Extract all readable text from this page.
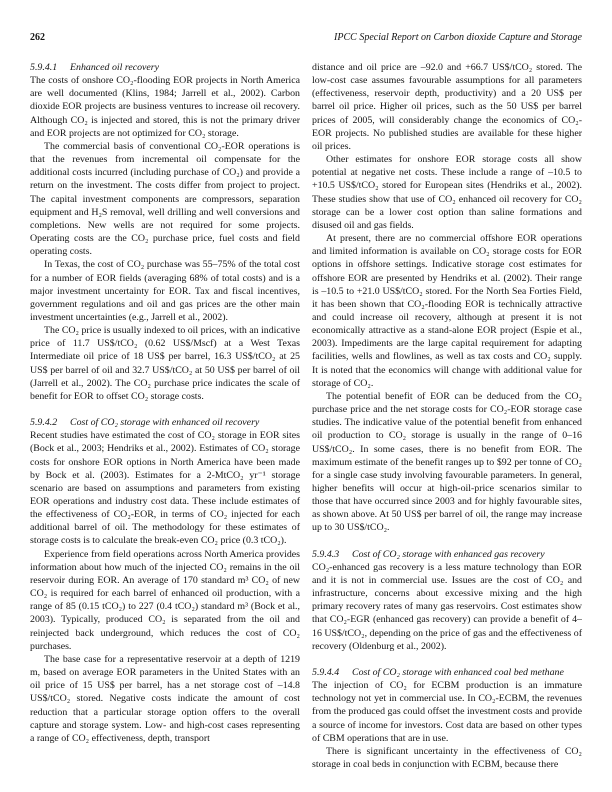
262	IPCC Special Report on Carbon dioxide Capture and Storage
5.9.4.1	Enhanced oil recovery

The costs of onshore CO₂-flooding EOR projects in North America are well documented (Klins, 1984; Jarrell et al., 2002). Carbon dioxide EOR projects are business ventures to increase oil recovery. Although CO₂ is injected and stored, this is not the primary driver and EOR projects are not optimized for CO₂ storage.

The commercial basis of conventional CO₂-EOR operations is that the revenues from incremental oil compensate for the additional costs incurred (including purchase of CO₂) and provide a return on the investment. The costs differ from project to project. The capital investment components are compressors, separation equipment and H₂S removal, well drilling and well conversions and completions. New wells are not required for some projects. Operating costs are the CO₂ purchase price, fuel costs and field operating costs.

In Texas, the cost of CO₂ purchase was 55–75% of the total cost for a number of EOR fields (averaging 68% of total costs) and is a major investment uncertainty for EOR. Tax and fiscal incentives, government regulations and oil and gas prices are the other main investment uncertainties (e.g., Jarrell et al., 2002).

The CO₂ price is usually indexed to oil prices, with an indicative price of 11.7 US$/tCO₂ (0.62 US$/Mscf) at a West Texas Intermediate oil price of 18 US$ per barrel, 16.3 US$/tCO₂ at 25 US$ per barrel of oil and 32.7 US$/tCO₂ at 50 US$ per barrel of oil (Jarrell et al., 2002). The CO₂ purchase price indicates the scale of benefit for EOR to offset CO₂ storage costs.

5.9.4.2	Cost of CO₂ storage with enhanced oil recovery

Recent studies have estimated the cost of CO₂ storage in EOR sites (Bock et al., 2003; Hendriks et al., 2002). Estimates of CO₂ storage costs for onshore EOR options in North America have been made by Bock et al. (2003). Estimates for a 2-MtCO₂ yr⁻¹ storage scenario are based on assumptions and parameters from existing EOR operations and industry cost data. These include estimates of the effectiveness of CO₂-EOR, in terms of CO₂ injected for each additional barrel of oil. The methodology for these estimates of storage costs is to calculate the break-even CO₂ price (0.3 tCO₂).

Experience from field operations across North America provides information about how much of the injected CO₂ remains in the oil reservoir during EOR. An average of 170 standard m³ CO₂ of new CO₂ is required for each barrel of enhanced oil production, with a range of 85 (0.15 tCO₂) to 227 (0.4 tCO₂) standard m³ (Bock et al., 2003). Typically, produced CO₂ is separated from the oil and reinjected back underground, which reduces the cost of CO₂ purchases.

The base case for a representative reservoir at a depth of 1219 m, based on average EOR parameters in the United States with an oil price of 15 US$ per barrel, has a net storage cost of –14.8 US$/tCO₂ stored. Negative costs indicate the amount of cost reduction that a particular storage option offers to the overall capture and storage system. Low- and high-cost cases representing a range of CO₂ effectiveness, depth, transport

distance and oil price are –92.0 and +66.7 US$/tCO₂ stored. The low-cost case assumes favourable assumptions for all parameters (effectiveness, reservoir depth, productivity) and a 20 US$ per barrel oil price. Higher oil prices, such as the 50 US$ per barrel prices of 2005, will considerably change the economics of CO₂-EOR projects. No published studies are available for these higher oil prices.

Other estimates for onshore EOR storage costs all show potential at negative net costs. These include a range of –10.5 to +10.5 US$/tCO₂ stored for European sites (Hendriks et al., 2002). These studies show that use of CO₂ enhanced oil recovery for CO₂ storage can be a lower cost option than saline formations and disused oil and gas fields.

At present, there are no commercial offshore EOR operations and limited information is available on CO₂ storage costs for EOR options in offshore settings. Indicative storage cost estimates for offshore EOR are presented by Hendriks et al. (2002). Their range is –10.5 to +21.0 US$/tCO₂ stored. For the North Sea Forties Field, it has been shown that CO₂-flooding EOR is technically attractive and could increase oil recovery, although at present it is not economically attractive as a stand-alone EOR project (Espie et al., 2003). Impediments are the large capital requirement for adapting facilities, wells and flowlines, as well as tax costs and CO₂ supply. It is noted that the economics will change with additional value for storage of CO₂.

The potential benefit of EOR can be deduced from the CO₂ purchase price and the net storage costs for CO₂-EOR storage case studies. The indicative value of the potential benefit from enhanced oil production to CO₂ storage is usually in the range of 0–16 US$/tCO₂. In some cases, there is no benefit from EOR. The maximum estimate of the benefit ranges up to $92 per tonne of CO₂ for a single case study involving favourable parameters. In general, higher benefits will occur at high-oil-price scenarios similar to those that have occurred since 2003 and for highly favourable sites, as shown above. At 50 US$ per barrel of oil, the range may increase up to 30 US$/tCO₂.

5.9.4.3	Cost of CO₂ storage with enhanced gas recovery

CO₂-enhanced gas recovery is a less mature technology than EOR and it is not in commercial use. Issues are the cost of CO₂ and infrastructure, concerns about excessive mixing and the high primary recovery rates of many gas reservoirs. Cost estimates show that CO₂-EGR (enhanced gas recovery) can provide a benefit of 4–16 US$/tCO₂, depending on the price of gas and the effectiveness of recovery (Oldenburg et al., 2002).

5.9.4.4	Cost of CO₂ storage with enhanced coal bed methane

The injection of CO₂ for ECBM production is an immature technology not yet in commercial use. In CO₂-ECBM, the revenues from the produced gas could offset the investment costs and provide a source of income for investors. Cost data are based on other types of CBM operations that are in use.

There is significant uncertainty in the effectiveness of CO₂ storage in coal beds in conjunction with ECBM, because there
